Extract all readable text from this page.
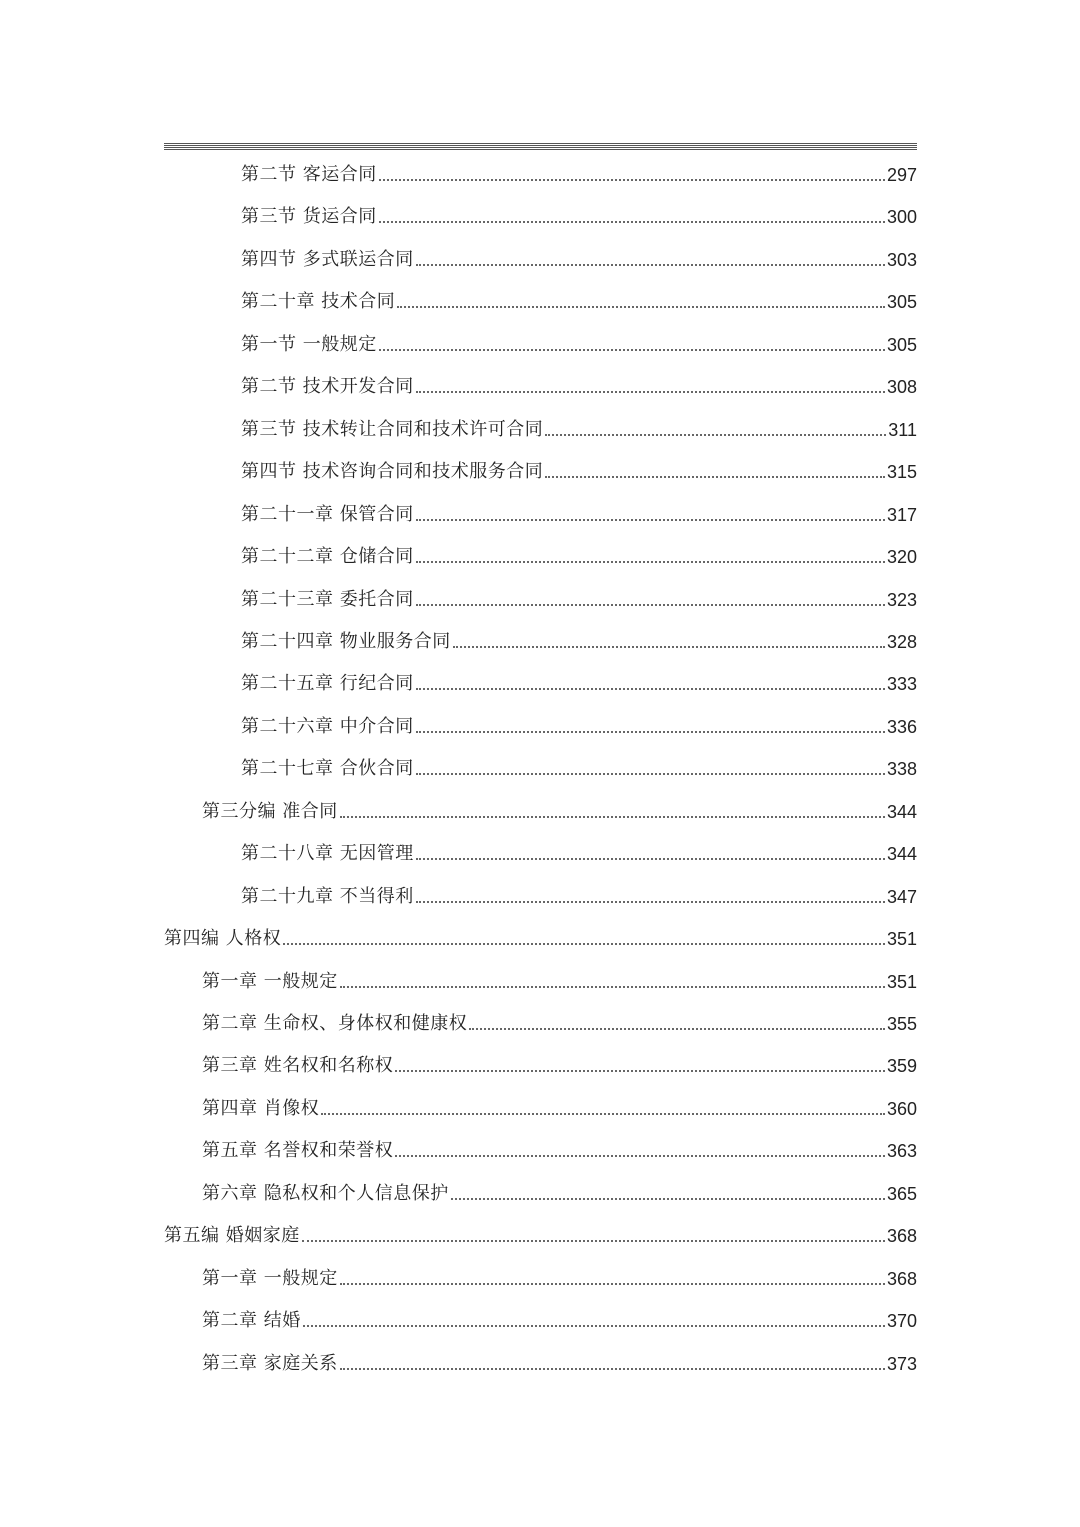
第二节 客运合同	297
第三节 货运合同	300
第四节 多式联运合同	303
第二十章 技术合同	305
第一节 一般规定	305
第二节 技术开发合同	308
第三节 技术转让合同和技术许可合同	311
第四节 技术咨询合同和技术服务合同	315
第二十一章 保管合同	317
第二十二章 仓储合同	320
第二十三章 委托合同	323
第二十四章 物业服务合同	328
第二十五章 行纪合同	333
第二十六章 中介合同	336
第二十七章 合伙合同	338
第三分编 准合同	344
第二十八章 无因管理	344
第二十九章 不当得利	347
第四编 人格权	351
第一章 一般规定	351
第二章 生命权、身体权和健康权	355
第三章 姓名权和名称权	359
第四章 肖像权	360
第五章 名誉权和荣誉权	363
第六章 隐私权和个人信息保护	365
第五编 婚姻家庭	368
第一章 一般规定	368
第二章 结婚	370
第三章 家庭关系	373
